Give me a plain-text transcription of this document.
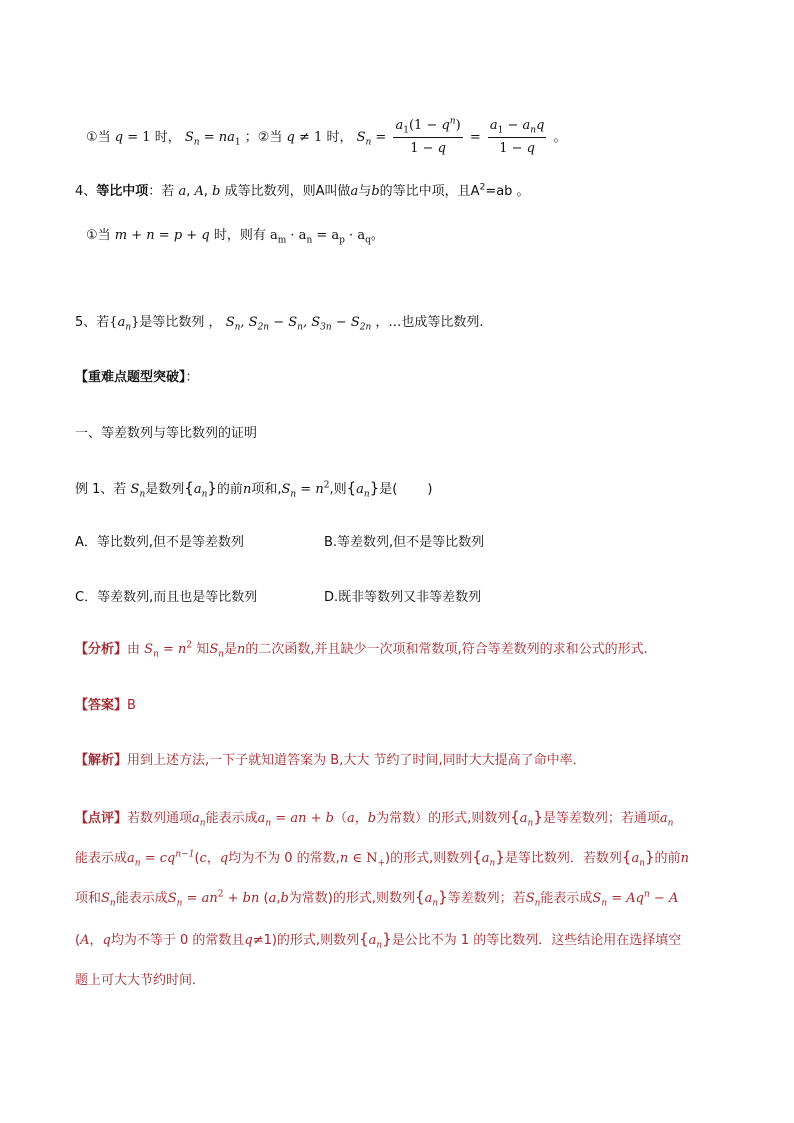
①当 q = 1 时， $S_n = na_1$ ；②当 q ≠ 1 时， $S_n = \frac{a_1(1 - q^n)}{1 - q} = \frac{a_1 - a_nq}{1 - q}$ 。
4、等比中项：若 a, A, b 成等比数列，则A叫做a与b的等比中项，且$A^2=ab$ 。
①当 m + n = p + q 时，则有 $a_m \cdot a_n = a_p \cdot a_q$。
5、若$\{a_n\}$是等比数列 ， $S_n$, $S_{2n} - S_n$, $S_{3n} - S_{2n}$ ，…也成等比数列.
【重难点题型突破】：
一、等差数列与等比数列的证明
例 1、若 $S_n$是数列$\{a_n\}$的前n项和$,S_n = n^2$,则$\{a_n\}$是( )
A．等比数列,但不是等差数列	B.等差数列,但不是等比数列
C．等差数列,而且也是等比数列	D.既非等数列又非等差数列
【分析】由 $S_n = n^2$ 知$S_n$是n的二次函数,并且缺少一次项和常数项,符合等差数列的求和公式的形式.
【答案】B
【解析】用到上述方法,一下子就知道答案为 B,大大 节约了时间,同时大大提高了命中率．
【点评】若数列通项$a_n$能表示成$a_n$ = an + b（a，b为常数）的形式,则数列$\{a_n\}$是等差数列；若通项$a_n$
能表示成$a_n = cq^{n-1}(c$，q均为不为 0 的常数,n ∈ $N_+$)的形式,则数列$\{a_n\}$是等比数列．若数列$\{a_n\}$的前n
项和$S_n$能表示成$S_n = an^2$ + bn (a,b为常数)的形式,则数列$\{a_n\}$等差数列；若$S_n$能表示成$S_n = Aq^n - A$
(A，q均为不等于 0 的常数且q≠1)的形式,则数列$\{a_n\}$是公比不为 1 的等比数列．这些结论用在选择填空
题上可大大节约时间．
